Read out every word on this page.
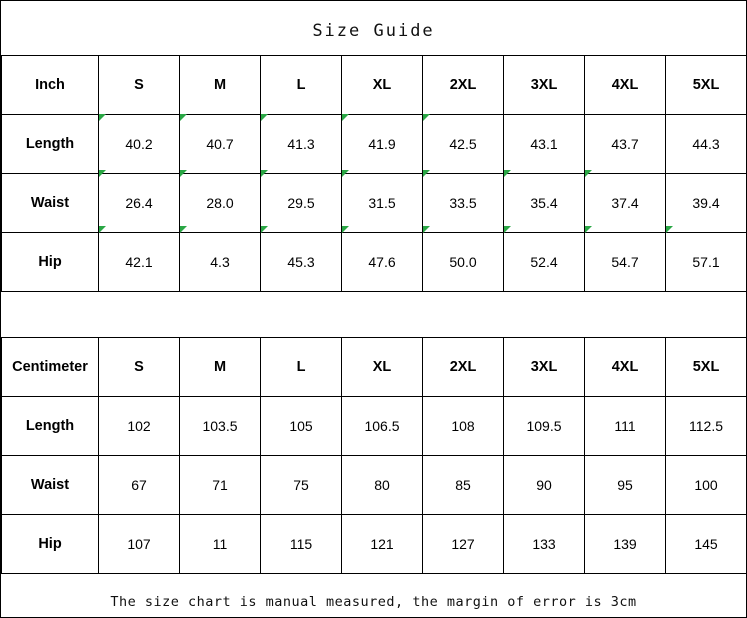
Size Guide
Inch	S	M	L	XL	2XL	3XL	4XL	5XL
Length	40.2	40.7	41.3	41.9	42.5	43.1	43.7	44.3
Waist	26.4	28.0	29.5	31.5	33.5	35.4	37.4	39.4
Hip	42.1	4.3	45.3	47.6	50.0	52.4	54.7	57.1
Centimeter	S	M	L	XL	2XL	3XL	4XL	5XL
Length	102	103.5	105	106.5	108	109.5	111	112.5
Waist	67	71	75	80	85	90	95	100
Hip	107	11	115	121	127	133	139	145
The size chart is manual measured, the margin of error is 3cm
